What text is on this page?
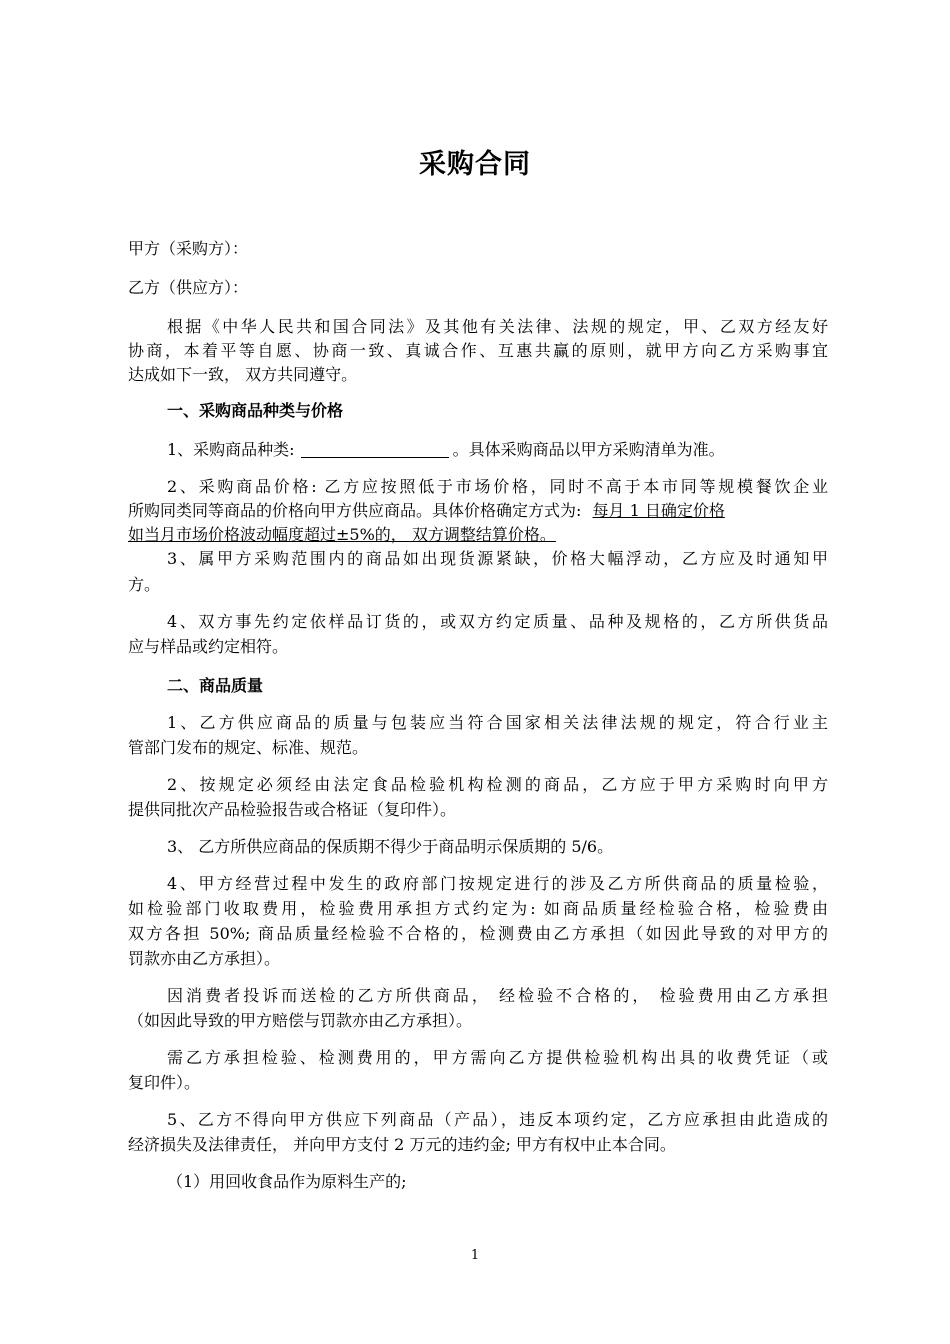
采购合同
甲方（采购方）：
乙方（供应方）：
根据《中华人民共和国合同法》及其他有关法律、法规的规定，甲、乙双方经友好
协商，本着平等自愿、协商一致、真诚合作、互惠共赢的原则，就甲方向乙方采购事宜
达成如下一致， 双方共同遵守。
一、采购商品种类与价格
1、采购商品种类:	。具体采购商品以甲方采购清单为准。
2、采购商品价格: 乙方应按照低于市场价格，同时不高于本市同等规模餐饮企业
所购同类同等商品的价格向甲方供应商品。具体价格确定方式为: 每月 1 日确定价格
如当月市场价格波动幅度超过±5%的， 双方调整结算价格。
3、属甲方采购范围内的商品如出现货源紧缺，价格大幅浮动，乙方应及时通知甲
方。
4、双方事先约定依样品订货的，或双方约定质量、品种及规格的，乙方所供货品
应与样品或约定相符。
二、商品质量
1、乙方供应商品的质量与包装应当符合国家相关法律法规的规定，符合行业主
管部门发布的规定、标准、规范。
2、按规定必须经由法定食品检验机构检测的商品，乙方应于甲方采购时向甲方
提供同批次产品检验报告或合格证（复印件）。
3、 乙方所供应商品的保质期不得少于商品明示保质期的 5/6。
4、甲方经营过程中发生的政府部门按规定进行的涉及乙方所供商品的质量检验，
如检验部门收取费用，检验费用承担方式约定为: 如商品质量经检验合格，检验费由
双方各担 50%; 商品质量经检验不合格的，检测费由乙方承担（如因此导致的对甲方的
罚款亦由乙方承担）。
因消费者投诉而送检的乙方所供商品， 经检验不合格的， 检验费用由乙方承担
（如因此导致的甲方赔偿与罚款亦由乙方承担）。
需乙方承担检验、检测费用的，甲方需向乙方提供检验机构出具的收费凭证（或
复印件）。
5、乙方不得向甲方供应下列商品（产品），违反本项约定，乙方应承担由此造成的
经济损失及法律责任， 并向甲方支付 2 万元的违约金; 甲方有权中止本合同。
（1）用回收食品作为原料生产的;
1
